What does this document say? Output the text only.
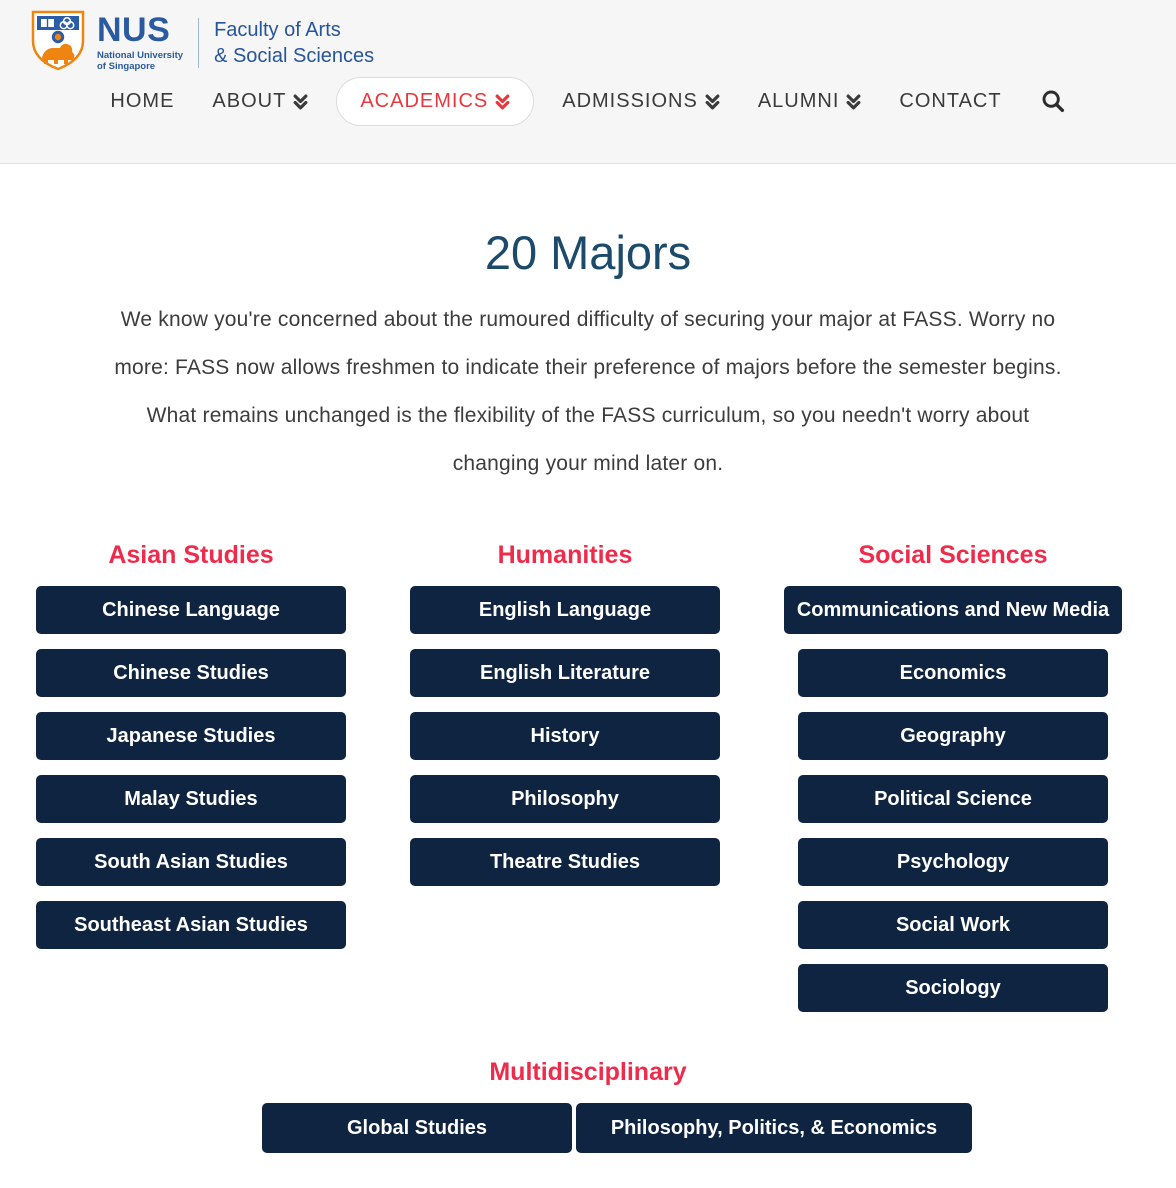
NUS
National University
of Singapore
Faculty of Arts
& Social Sciences
HOME ABOUT	ACADEMICS	ADMISSIONS	ALUMNI	CONTACT
20 Majors
We know you're concerned about the rumoured difficulty of securing your major at FASS. Worry no
more: FASS now allows freshmen to indicate their preference of majors before the semester begins.
What remains unchanged is the flexibility of the FASS curriculum, so you needn't worry about
changing your mind later on.
Asian Studies
Chinese Language
Chinese Studies
Japanese Studies
Malay Studies
South Asian Studies
Southeast Asian Studies
Humanities
English Language
English Literature
History
Philosophy
Theatre Studies
Social Sciences
Communications and New Media
Economics
Geography
Political Science
Psychology
Social Work
Sociology
Multidisciplinary
Global Studies	Philosophy, Politics, & Economics
